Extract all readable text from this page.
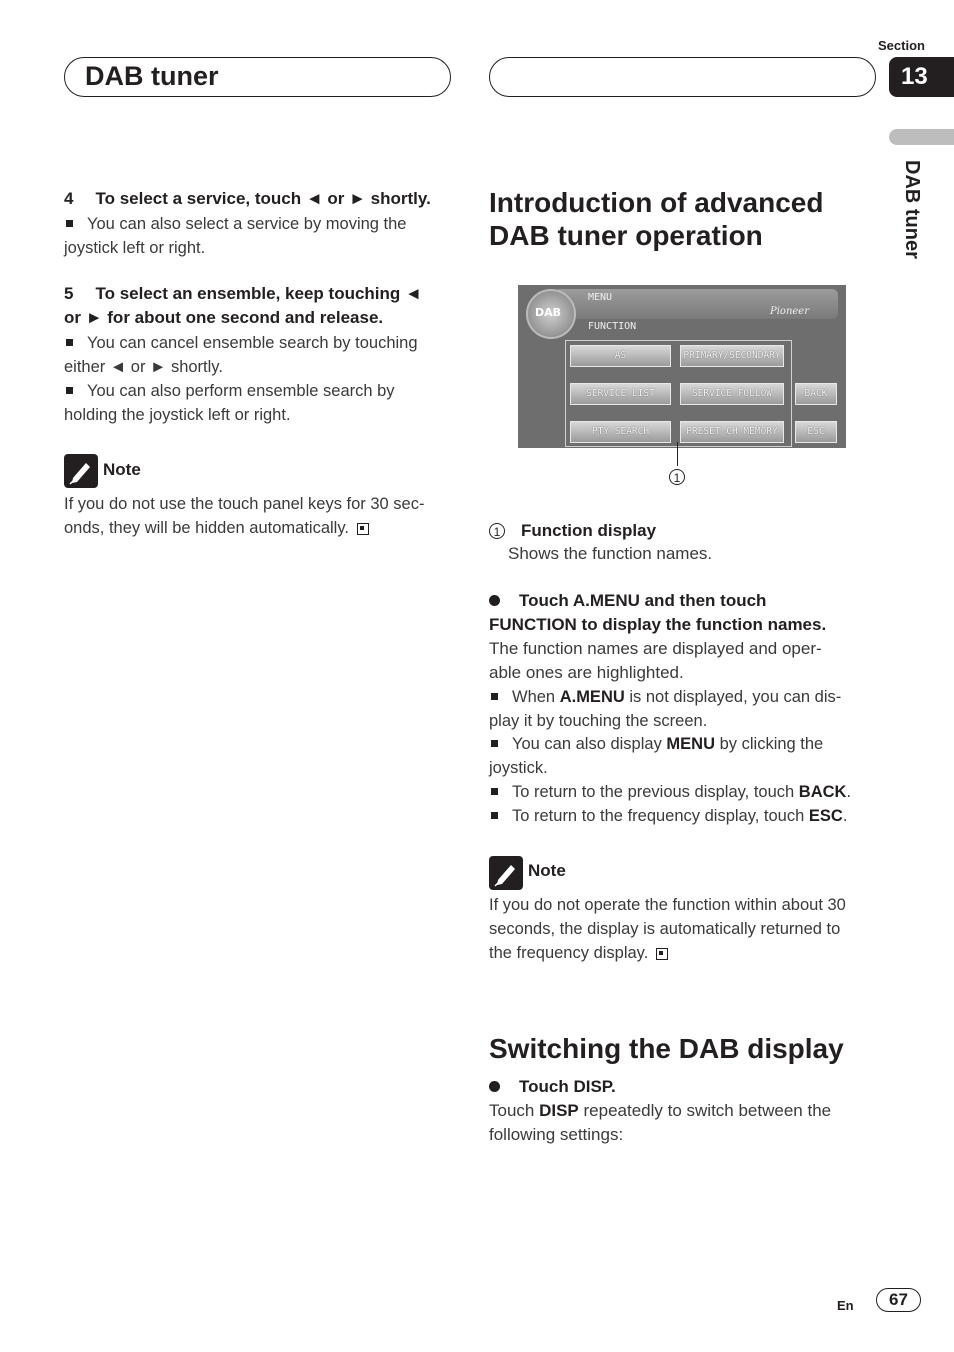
DAB tuner
Section
13
DAB tuner
4 To select a service, touch ◄ or ► shortly.
You can also select a service by moving the
joystick left or right.
5 To select an ensemble, keep touching ◄
or ► for about one second and release.
You can cancel ensemble search by touching
either ◄ or ► shortly.
You can also perform ensemble search by
holding the joystick left or right.
Note
If you do not use the touch panel keys for 30 sec-
onds, they will be hidden automatically.
Introduction of advanced
DAB tuner operation
DAB
MENU
Pioneer
FUNCTION
AS	PRIMARY/SECONDARY
SERVICE LIST	SERVICE FOLLOW	BACK
PTY SEARCH	PRESET CH MEMORY	ESC
1
1 Function display
Shows the function names.
Touch A.MENU and then touch
FUNCTION to display the function names.
The function names are displayed and oper-
able ones are highlighted.
When A.MENU is not displayed, you can dis-
play it by touching the screen.
You can also display MENU by clicking the
joystick.
To return to the previous display, touch BACK.
To return to the frequency display, touch ESC.
Note
If you do not operate the function within about 30
seconds, the display is automatically returned to
the frequency display.
Switching the DAB display
Touch DISP.
Touch DISP repeatedly to switch between the
following settings:
En	67
